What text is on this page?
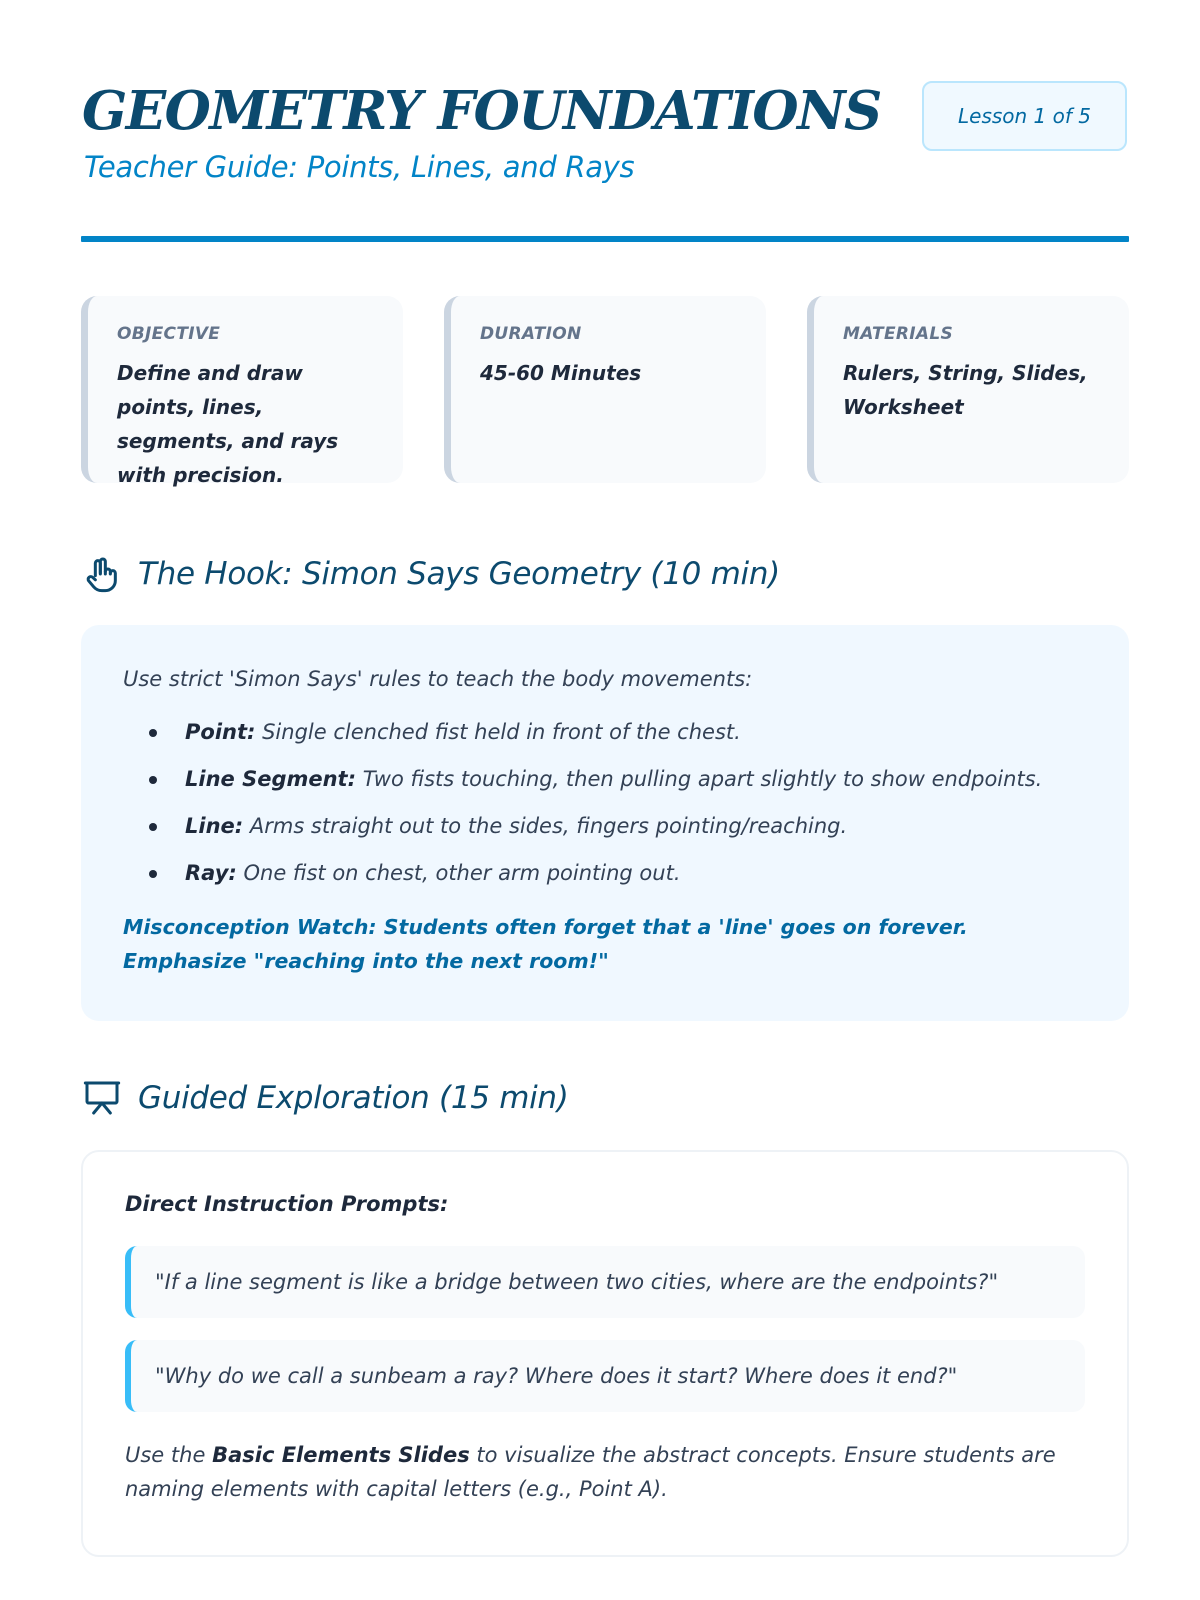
GEOMETRY FOUNDATIONS

Teacher Guide: Points, Lines, and Rays

Lesson 1 of 5
OBJECTIVE
Define and draw points, lines, segments, and rays with precision.
DURATION
45-60 Minutes
MATERIALS
Rulers, String, Slides, Worksheet
The Hook: Simon Says Geometry (10 min)

Use strict 'Simon Says' rules to teach the body movements:

Point: Single clenched fist held in front of the chest.
Line Segment: Two fists touching, then pulling apart slightly to show endpoints.
Line: Arms straight out to the sides, fingers pointing/reaching.
Ray: One fist on chest, other arm pointing out.

Misconception Watch: Students often forget that a 'line' goes on forever. Emphasize "reaching into the next room!"

Guided Exploration (15 min)

Direct Instruction Prompts:

"If a line segment is like a bridge between two cities, where are the endpoints?"
"Why do we call a sunbeam a ray? Where does it start? Where does it end?"

Use the Basic Elements Slides to visualize the abstract concepts. Ensure students are naming elements with capital letters (e.g., Point A).
